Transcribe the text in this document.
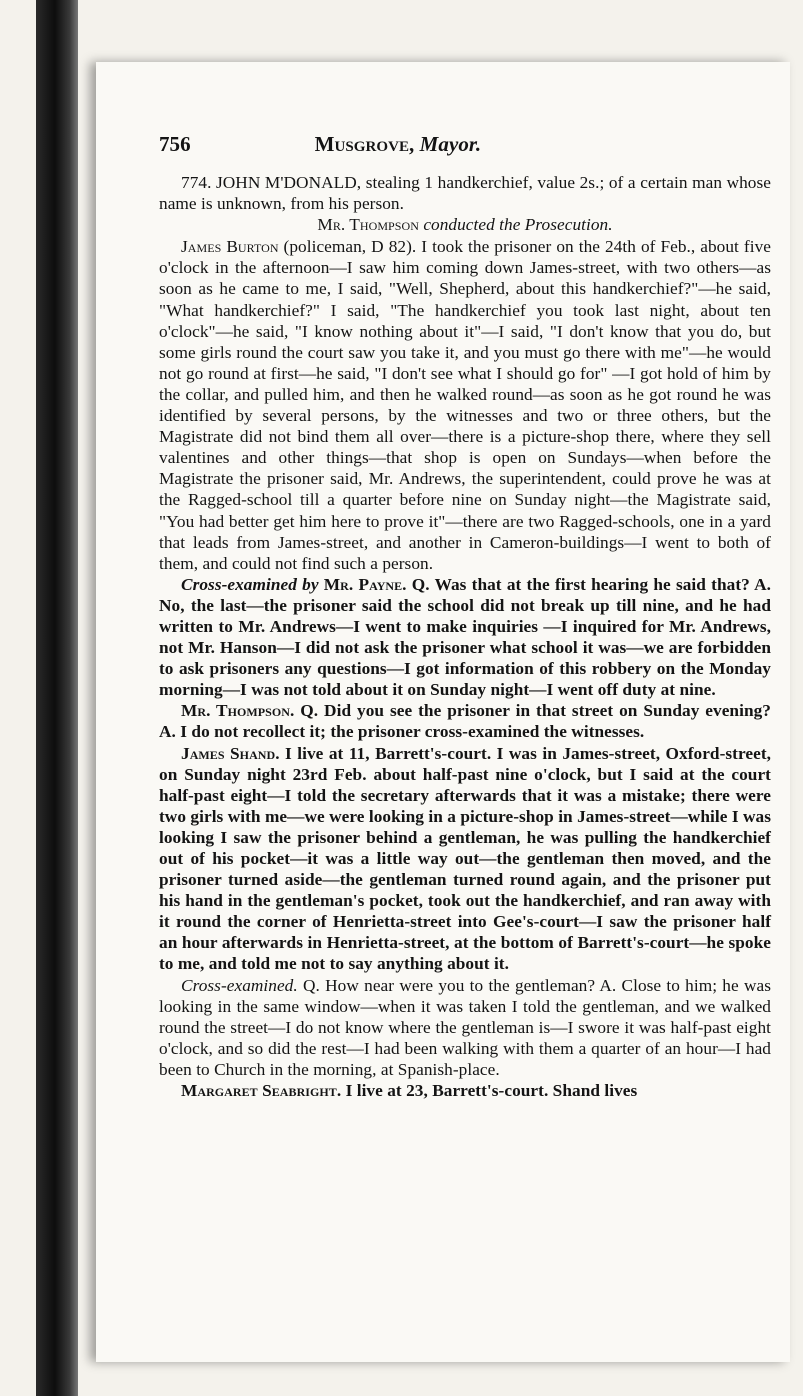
756	Musgrove, Mayor.

774. JOHN M'DONALD, stealing 1 handkerchief, value 2s.; of a certain man whose name is unknown, from his person.

Mr. Thompson conducted the Prosecution.

James Burton (policeman, D 82). I took the prisoner on the 24th of Feb., about five o'clock in the afternoon—I saw him coming down James-street, with two others—as soon as he came to me, I said, "Well, Shepherd, about this handkerchief?"—he said, "What handkerchief?" I said, "The handkerchief you took last night, about ten o'clock"—he said, "I know nothing about it"—I said, "I don't know that you do, but some girls round the court saw you take it, and you must go there with me"—he would not go round at first—he said, "I don't see what I should go for" —I got hold of him by the collar, and pulled him, and then he walked round—as soon as he got round he was identified by several persons, by the witnesses and two or three others, but the Magistrate did not bind them all over—there is a picture-shop there, where they sell valentines and other things—that shop is open on Sundays—when before the Magistrate the prisoner said, Mr. Andrews, the superintendent, could prove he was at the Ragged-school till a quarter before nine on Sunday night—the Magistrate said, "You had better get him here to prove it"—there are two Ragged-schools, one in a yard that leads from James-street, and another in Cameron-buildings—I went to both of them, and could not find such a person.

Cross-examined by Mr. Payne. Q. Was that at the first hearing he said that? A. No, the last—the prisoner said the school did not break up till nine, and he had written to Mr. Andrews—I went to make inquiries —I inquired for Mr. Andrews, not Mr. Hanson—I did not ask the prisoner what school it was—we are forbidden to ask prisoners any questions—I got information of this robbery on the Monday morning—I was not told about it on Sunday night—I went off duty at nine.

Mr. Thompson. Q. Did you see the prisoner in that street on Sunday evening? A. I do not recollect it; the prisoner cross-examined the witnesses.

James Shand. I live at 11, Barrett's-court. I was in James-street, Oxford-street, on Sunday night 23rd Feb. about half-past nine o'clock, but I said at the court half-past eight—I told the secretary afterwards that it was a mistake; there were two girls with me—we were looking in a picture-shop in James-street—while I was looking I saw the prisoner behind a gentleman, he was pulling the handkerchief out of his pocket—it was a little way out—the gentleman then moved, and the prisoner turned aside—the gentleman turned round again, and the prisoner put his hand in the gentleman's pocket, took out the handkerchief, and ran away with it round the corner of Henrietta-street into Gee's-court—I saw the prisoner half an hour afterwards in Henrietta-street, at the bottom of Barrett's-court—he spoke to me, and told me not to say anything about it.

Cross-examined. Q. How near were you to the gentleman? A. Close to him; he was looking in the same window—when it was taken I told the gentleman, and we walked round the street—I do not know where the gentleman is—I swore it was half-past eight o'clock, and so did the rest—I had been walking with them a quarter of an hour—I had been to Church in the morning, at Spanish-place.

Margaret Seabright. I live at 23, Barrett's-court. Shand lives
